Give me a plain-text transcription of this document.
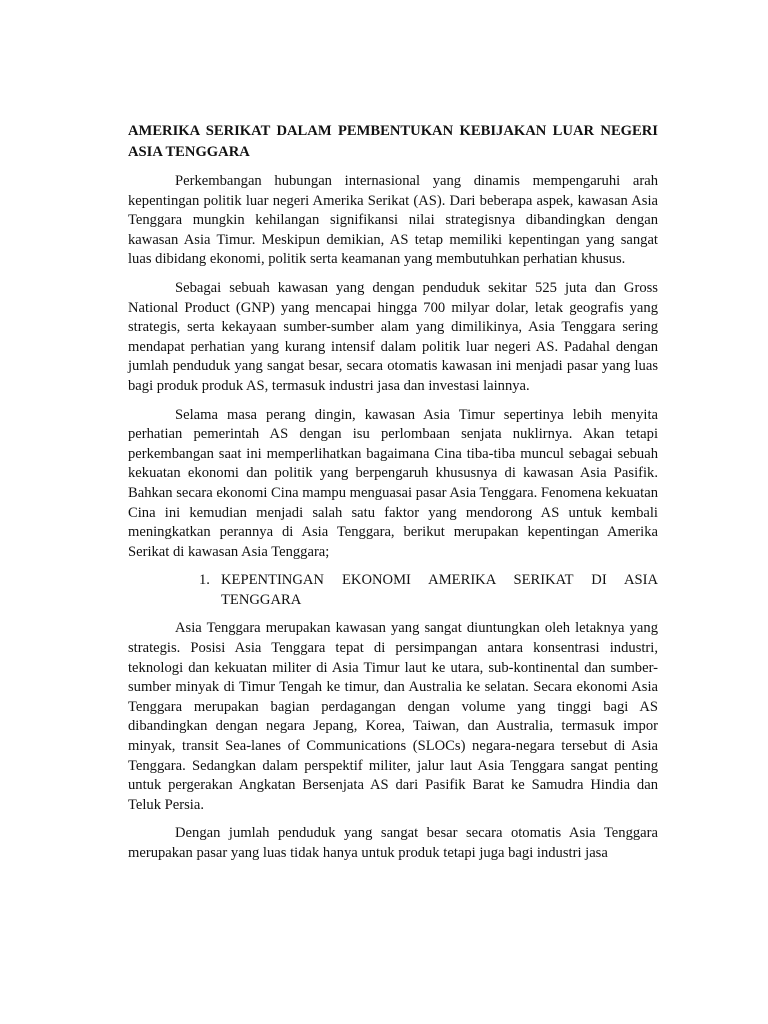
AMERIKA SERIKAT DALAM PEMBENTUKAN KEBIJAKAN LUAR NEGERI ASIA TENGGARA

Perkembangan hubungan internasional yang dinamis mempengaruhi arah kepentingan politik luar negeri Amerika Serikat (AS). Dari beberapa aspek, kawasan Asia Tenggara mungkin kehilangan signifikansi nilai strategisnya dibandingkan dengan kawasan Asia Timur. Meskipun demikian, AS tetap memiliki kepentingan yang sangat luas dibidang ekonomi, politik serta keamanan yang membutuhkan perhatian khusus.

Sebagai sebuah kawasan yang dengan penduduk sekitar 525 juta dan Gross National Product (GNP) yang mencapai hingga 700 milyar dolar, letak geografis yang strategis, serta kekayaan sumber-sumber alam yang dimilikinya, Asia Tenggara sering mendapat perhatian yang kurang intensif dalam politik luar negeri AS. Padahal dengan jumlah penduduk yang sangat besar, secara otomatis kawasan ini menjadi pasar yang luas bagi produk produk AS, termasuk industri jasa dan investasi lainnya.

Selama masa perang dingin, kawasan Asia Timur sepertinya lebih menyita perhatian pemerintah AS dengan isu perlombaan senjata nuklirnya. Akan tetapi perkembangan saat ini memperlihatkan bagaimana Cina tiba-tiba muncul sebagai sebuah kekuatan ekonomi dan politik yang berpengaruh khususnya di kawasan Asia Pasifik. Bahkan secara ekonomi Cina mampu menguasai pasar Asia Tenggara. Fenomena kekuatan Cina ini kemudian menjadi salah satu faktor yang mendorong AS untuk kembali meningkatkan perannya di Asia Tenggara, berikut merupakan kepentingan Amerika Serikat di kawasan Asia Tenggara;

1. KEPENTINGAN EKONOMI AMERIKA SERIKAT DI ASIA TENGGARA

Asia Tenggara merupakan kawasan yang sangat diuntungkan oleh letaknya yang strategis. Posisi Asia Tenggara tepat di persimpangan antara konsentrasi industri, teknologi dan kekuatan militer di Asia Timur laut ke utara, sub-kontinental dan sumber-sumber minyak di Timur Tengah ke timur, dan Australia ke selatan. Secara ekonomi Asia Tenggara merupakan bagian perdagangan dengan volume yang tinggi bagi AS dibandingkan dengan negara Jepang, Korea, Taiwan, dan Australia, termasuk impor minyak, transit Sea-lanes of Communications (SLOCs) negara-negara tersebut di Asia Tenggara. Sedangkan dalam perspektif militer, jalur laut Asia Tenggara sangat penting untuk pergerakan Angkatan Bersenjata AS dari Pasifik Barat ke Samudra Hindia dan Teluk Persia.

Dengan jumlah penduduk yang sangat besar secara otomatis Asia Tenggara merupakan pasar yang luas tidak hanya untuk produk tetapi juga bagi industri jasa
